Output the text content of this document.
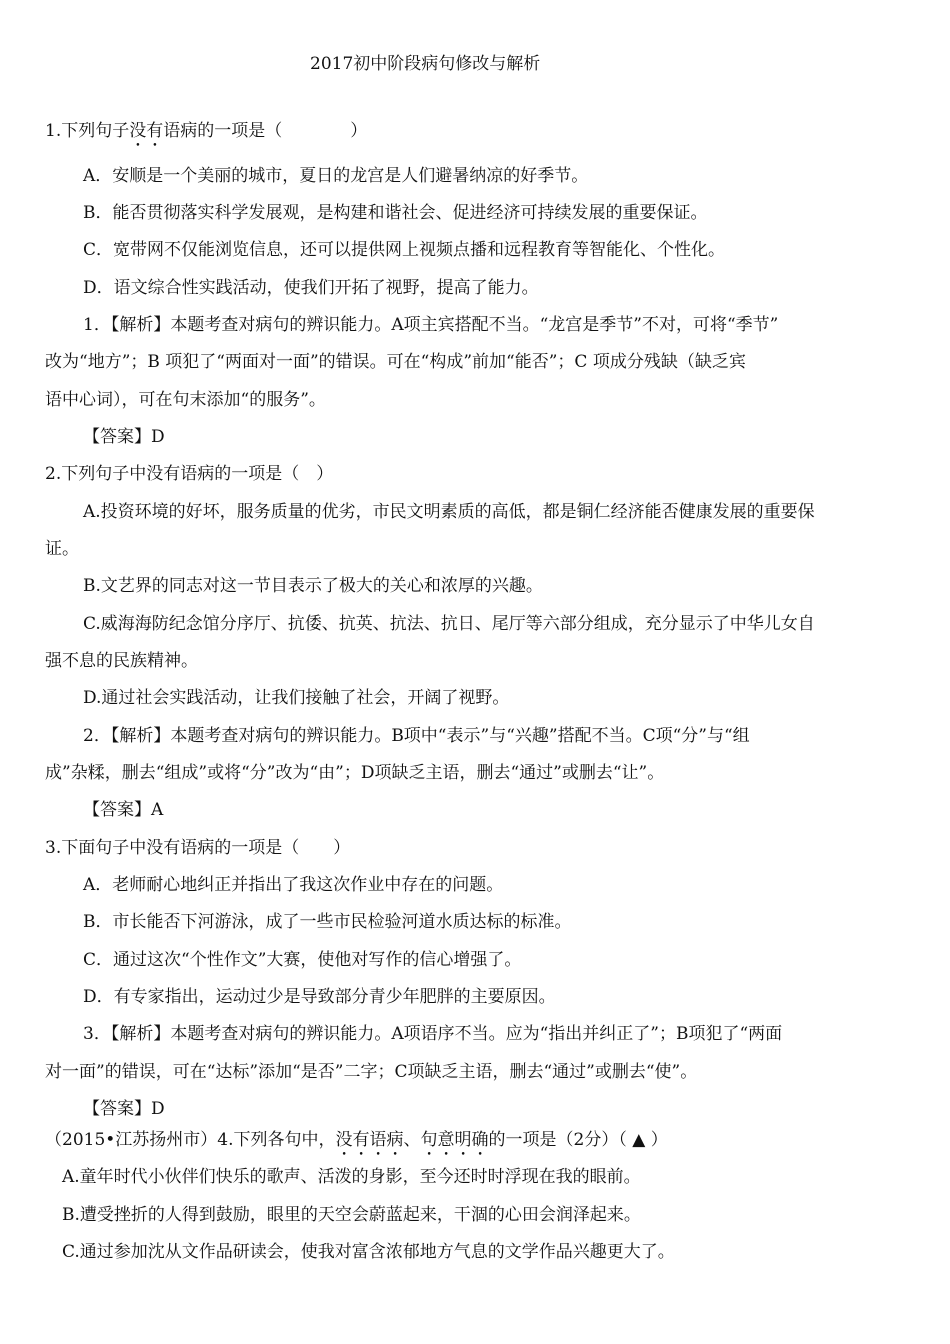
2017初中阶段病句修改与解析
1.下列句子没有语病的一项是（　　　　）
A．安顺是一个美丽的城市，夏日的龙宫是人们避暑纳凉的好季节。
B．能否贯彻落实科学发展观，是构建和谐社会、促进经济可持续发展的重要保证。
C．宽带网不仅能浏览信息，还可以提供网上视频点播和远程教育等智能化、个性化。
D．语文综合性实践活动，使我们开拓了视野，提高了能力。
1．【解析】本题考查对病句的辨识能力。A项主宾搭配不当。“龙宫是季节”不对，可将“季节”
改为“地方”；B 项犯了“两面对一面”的错误。可在“构成”前加“能否”；C 项成分残缺（缺乏宾
语中心词），可在句末添加“的服务”。
【答案】D
2.下列句子中没有语病的一项是（　）
A.投资环境的好坏，服务质量的优劣，市民文明素质的高低，都是铜仁经济能否健康发展的重要保
证。
B.文艺界的同志对这一节目表示了极大的关心和浓厚的兴趣。
C.威海海防纪念馆分序厅、抗倭、抗英、抗法、抗日、尾厅等六部分组成，充分显示了中华儿女自
强不息的民族精神。
D.通过社会实践活动，让我们接触了社会，开阔了视野。
2．【解析】本题考查对病句的辨识能力。B项中“表示”与“兴趣”搭配不当。C项“分”与“组
成”杂糅，删去“组成”或将“分”改为“由”；D项缺乏主语，删去“通过”或删去“让”。
【答案】A
3.下面句子中没有语病的一项是（　　）
A．老师耐心地纠正并指出了我这次作业中存在的问题。
B．市长能否下河游泳，成了一些市民检验河道水质达标的标准。
C．通过这次“个性作文”大赛，使他对写作的信心增强了。
D．有专家指出，运动过少是导致部分青少年肥胖的主要原因。
3．【解析】本题考查对病句的辨识能力。A项语序不当。应为“指出并纠正了”；B项犯了“两面
对一面”的错误，可在“达标”添加“是否”二字；C项缺乏主语，删去“通过”或删去“使”。
【答案】D
（2015•江苏扬州市）4.下列各句中，没有语病、句意明确的一项是（2分）（ ▲ ）
A.童年时代小伙伴们快乐的歌声、活泼的身影，至今还时时浮现在我的眼前。
B.遭受挫折的人得到鼓励，眼里的天空会蔚蓝起来，干涸的心田会润泽起来。
C.通过参加沈从文作品研读会，使我对富含浓郁地方气息的文学作品兴趣更大了。
